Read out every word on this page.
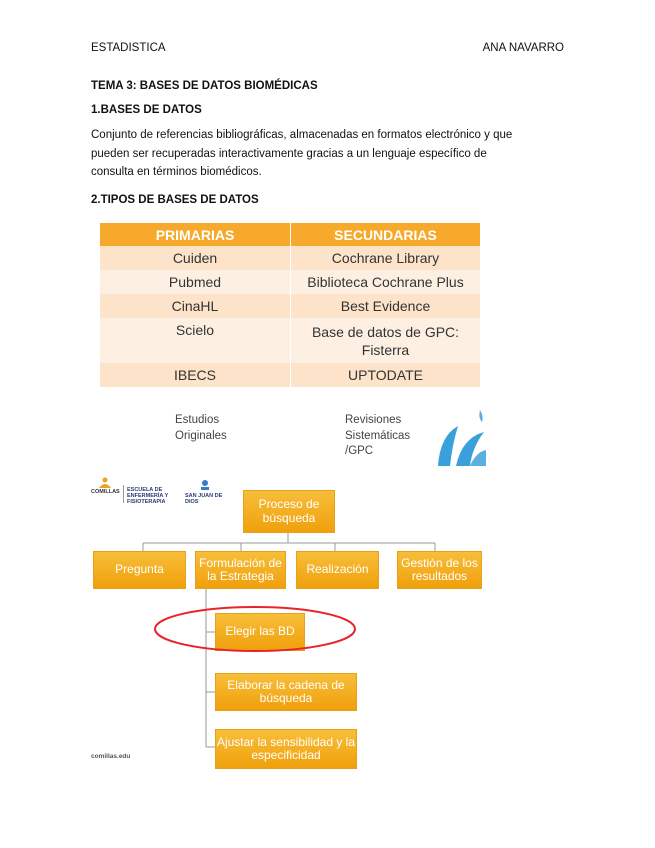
ESTADISTICA	ANA NAVARRO
TEMA 3: BASES DE DATOS BIOMÉDICAS
1.BASES DE DATOS
Conjunto de referencias bibliográficas, almacenadas en formatos electrónico y que
pueden ser recuperadas interactivamente gracias a un lenguaje específico de
consulta en términos biomédicos.
2.TIPOS DE BASES DE DATOS
PRIMARIAS	SECUNDARIAS
Cuiden	Cochrane Library
Pubmed	Biblioteca Cochrane Plus
CinaHL	Best Evidence
Scielo	Base de datos de GPC: Fisterra
IBECS	UPTODATE
Estudios
Originales
Revisiones
Sistemáticas
/GPC
COMILLAS ESCUELA DE ENFERMERÍA Y FISIOTERAPIA
SAN JUAN DE DIOS	Proceso de búsqueda
Pregunta	Formulación de la Estrategia	Realización	Gestión de los resultados
Elegir las BD
Elaborar la cadena de búsqueda
Ajustar la sensibilidad y la especificidad
comillas.edu
